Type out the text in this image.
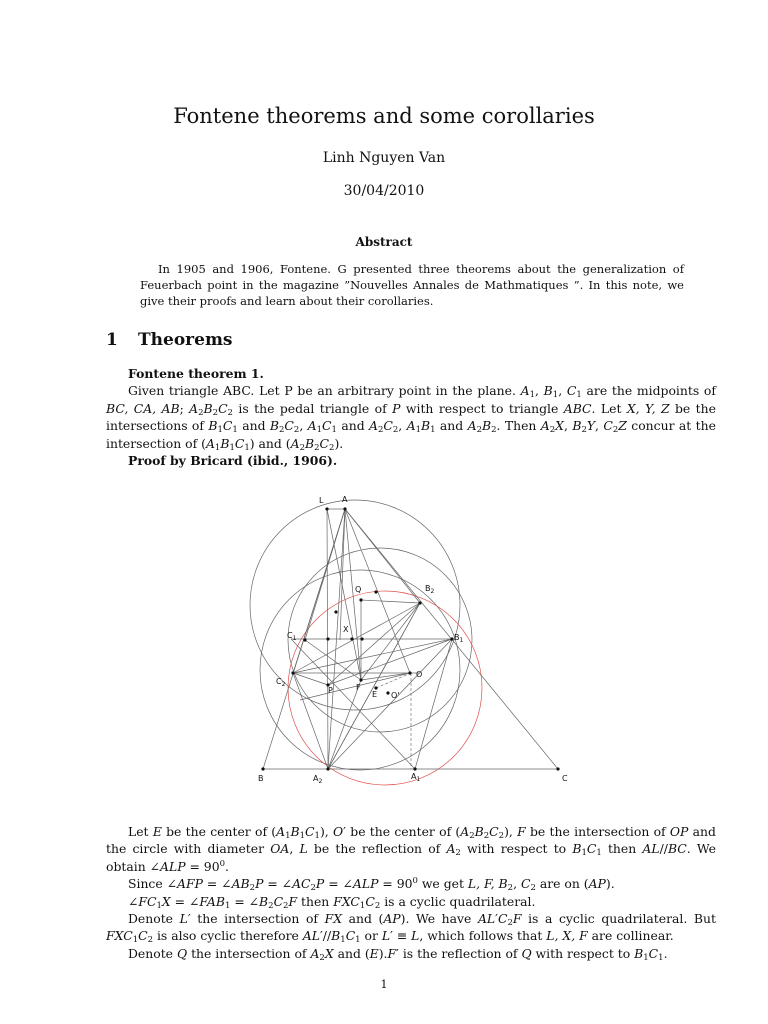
Fontene theorems and some corollaries
Linh Nguyen Van
30/04/2010
Abstract

In 1905 and 1906, Fontene. G presented three theorems about the generalization of Feuerbach point in the magazine ”Nouvelles Annales de Mathmatiques ”. In this note, we give their proofs and learn about their corollaries.

1 Theorems

Fontene theorem 1.

Given triangle ABC. Let P be an arbitrary point in the plane. $A_1$, $B_1$, $C_1$ are the midpoints of BC, CA, AB; $A_2B_2C_2$ is the pedal triangle of P with respect to triangle ABC. Let X, Y, Z be the intersections of $B_1C_1$ and $B_2C_2$, $A_1C_1$ and $A_2C_2$, $A_1B_1$ and $A_2B_2$. Then $A_2X$, $B_2Y$, $C_2Z$ concur at the intersection of $(A_1B_1C_1)$ and $(A_2B_2C_2)$.

Proof by Bricard (ibid., 1906).

L A
Q	$B_2$
$C_1$
X
$B_1$
O
$C_2$
P	F
E O'
B	$A_2$
$A_1$	C

Let E be the center of $(A_1B_1C_1)$, O′ be the center of $(A_2B_2C_2)$, F be the intersection of OP and the circle with diameter OA, L be the reflection of $A_2$ with respect to $B_1C_1$ then AL//BC. We obtain ∠ALP = $90^0$.

Since ∠AFP = $\angle AB_2P$ = $\angle AC_2P$ = ∠ALP = $90^0$ we get L, F, $B_2$, $C_2$ are on (AP).

$\angle FC_1X$ = $\angle FAB_1$ = $\angle B_2C_2F$ then $FXC_1C_2$ is a cyclic quadrilateral.

Denote L′ the intersection of FX and (AP). We have $AL'C_2F$ is a cyclic quadrilateral. But $FXC_1C_2$ is also cyclic therefore $AL'//B_1C_1$ or L′ ≡ L, which follows that L, X, F are collinear.

Denote Q the intersection of $A_2X$ and (E).F′ is the reflection of Q with respect to $B_1C_1$.

1
